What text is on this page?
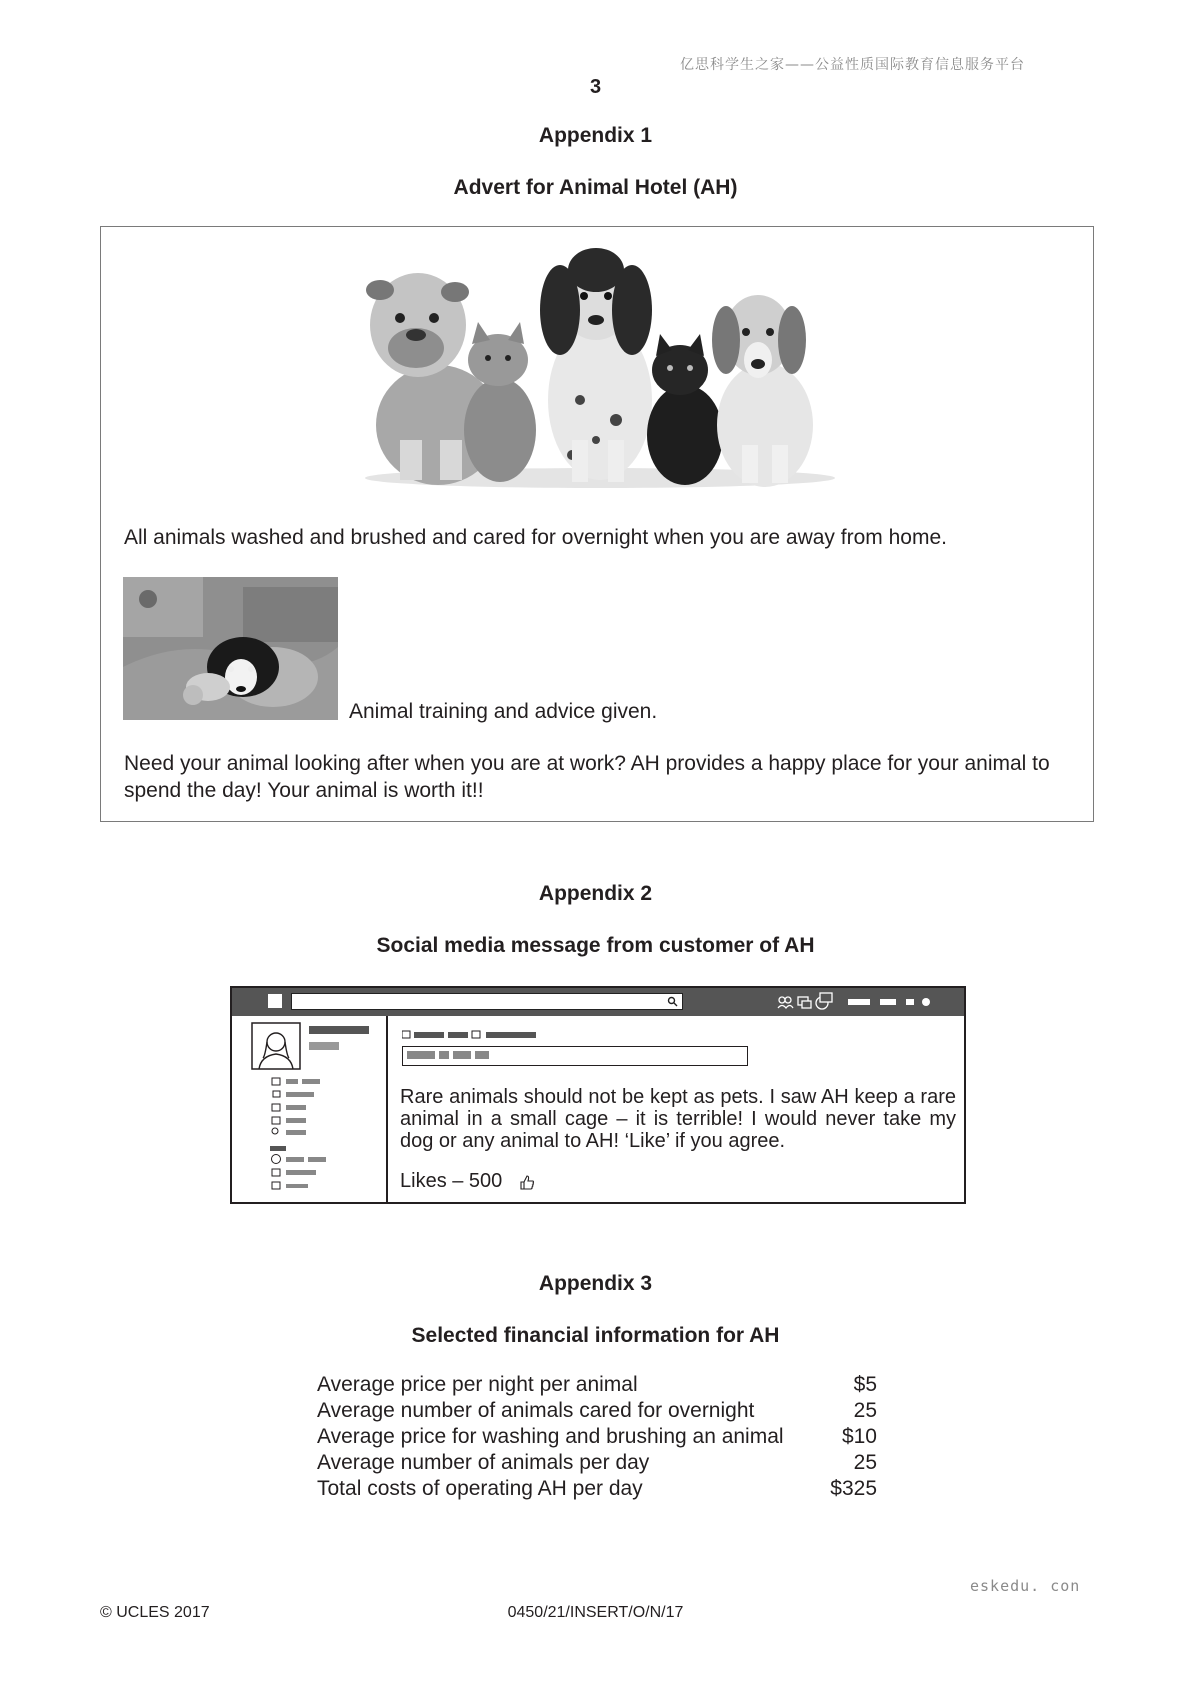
亿思科学生之家——公益性质国际教育信息服务平台
3
Appendix 1
Advert for Animal Hotel (AH)
All animals washed and brushed and cared for overnight when you are away from home.
Animal training and advice given.
Need your animal looking after when you are at work? AH provides a happy place for your animal to spend the day! Your animal is worth it!!
Appendix 2
Social media message from customer of AH
Rare animals should not be kept as pets. I saw AH keep a rare animal in a small cage – it is terrible! I would never take my dog or any animal to AH! ‘Like’ if you agree.
Likes – 500
Appendix 3
Selected financial information for AH
Average price per night per animal	$5
Average number of animals cared for overnight	25
Average price for washing and brushing an animal	$10
Average number of animals per day	25
Total costs of operating AH per day	$325
eskedu. con
© UCLES 2017	0450/21/INSERT/O/N/17
